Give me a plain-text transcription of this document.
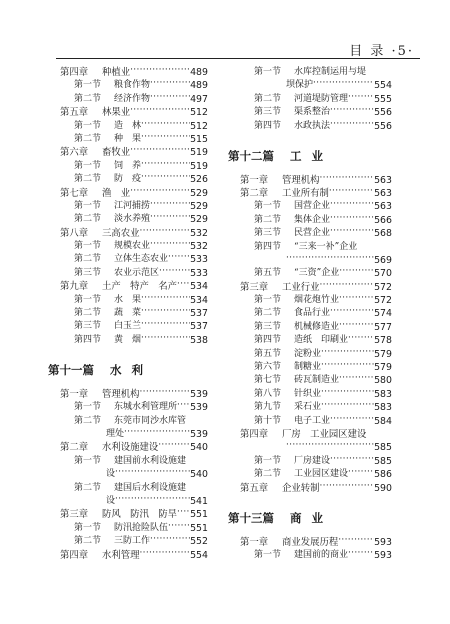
目 录 ·5·
第四章	种植业 ·····	489
第一节	粮食作物 ·····	489
第二节	经济作物 ·····	497
第五章	林果业 ·····	512
第一节	造　林 ·····	512
第二节	种　果 ·····	515
第六章	畜牧业 ·····	519
第一节	饲　养 ·····	519
第二节	防　疫 ·····	526
第七章	渔　业 ·····	529
第一节	江河捕捞 ·····	529
第二节	淡水养殖 ·····	529
第八章	三高农业 ·····	532
第一节	规模农业 ·····	532
第二节	立体生态农业 ····· 533
第三节	农业示范区 ·····	533
第九章	土产　特产　名产 ····· 534
第一节	水　果 ·····	534
第二节	蔬　菜 ·····	537
第三节	白玉兰 ·····	537
第四节	黄　烟 ·····	538
第十一篇 水利
第一章	管理机构 ·····	539
第一节	东城水利管理所 ····· 539
第二节	东莞市同沙水库管
理处 ·····	539
第二章	水利设施建设 ·····	540
第一节	建国前水利设施建
设 ·····	540
第二节	建国后水利设施建
设 ·····	541
第三章	防风　防汛　防旱 ····· 551
第一节	防汛抢险队伍 ····· 551
第二节	三防工作 ·····	552
第四章	水利管理 ·····	554
第一节	水库控制运用与堤
坝保护 ·····	554
第二节	河道堤防管理 ·····	555
第三节	渠系整治 ·····	556
第四节	水政执法 ·····	556
第十二篇 工业
第一章	管理机构 ·····	563
第二章	工业所有制 ·····	563
第一节	国营企业 ·····	563
第二节	集体企业 ·····	566
第三节	民营企业 ·····	568
第四节	“三来一补”企业
·····
569
第五节	“三资”企业 ·····	570
第三章	工业行业 ·····	572
第一节	烟花炮竹业 ·····	572
第二节	食品行业 ·····	574
第三节	机械修造业 ·····	577
第四节	造纸　印刷业 ·····	578
第五节	淀粉业 ·····	579
第六节	制糖业 ·····	579
第七节	砖瓦制造业 ·····	580
第八节	针织业 ·····	583
第九节	采石业 ·····	583
第十节	电子工业 ·····	584
第四章	厂房　工业园区建设
·····
585
第一节	厂房建设 ·····	585
第二节	工业园区建设 ·····	586
第五章	企业转制 ·····	590
第十三篇 商业
第一章	商业发展历程 ·····	593
第一节	建国前的商业 ·····	593
